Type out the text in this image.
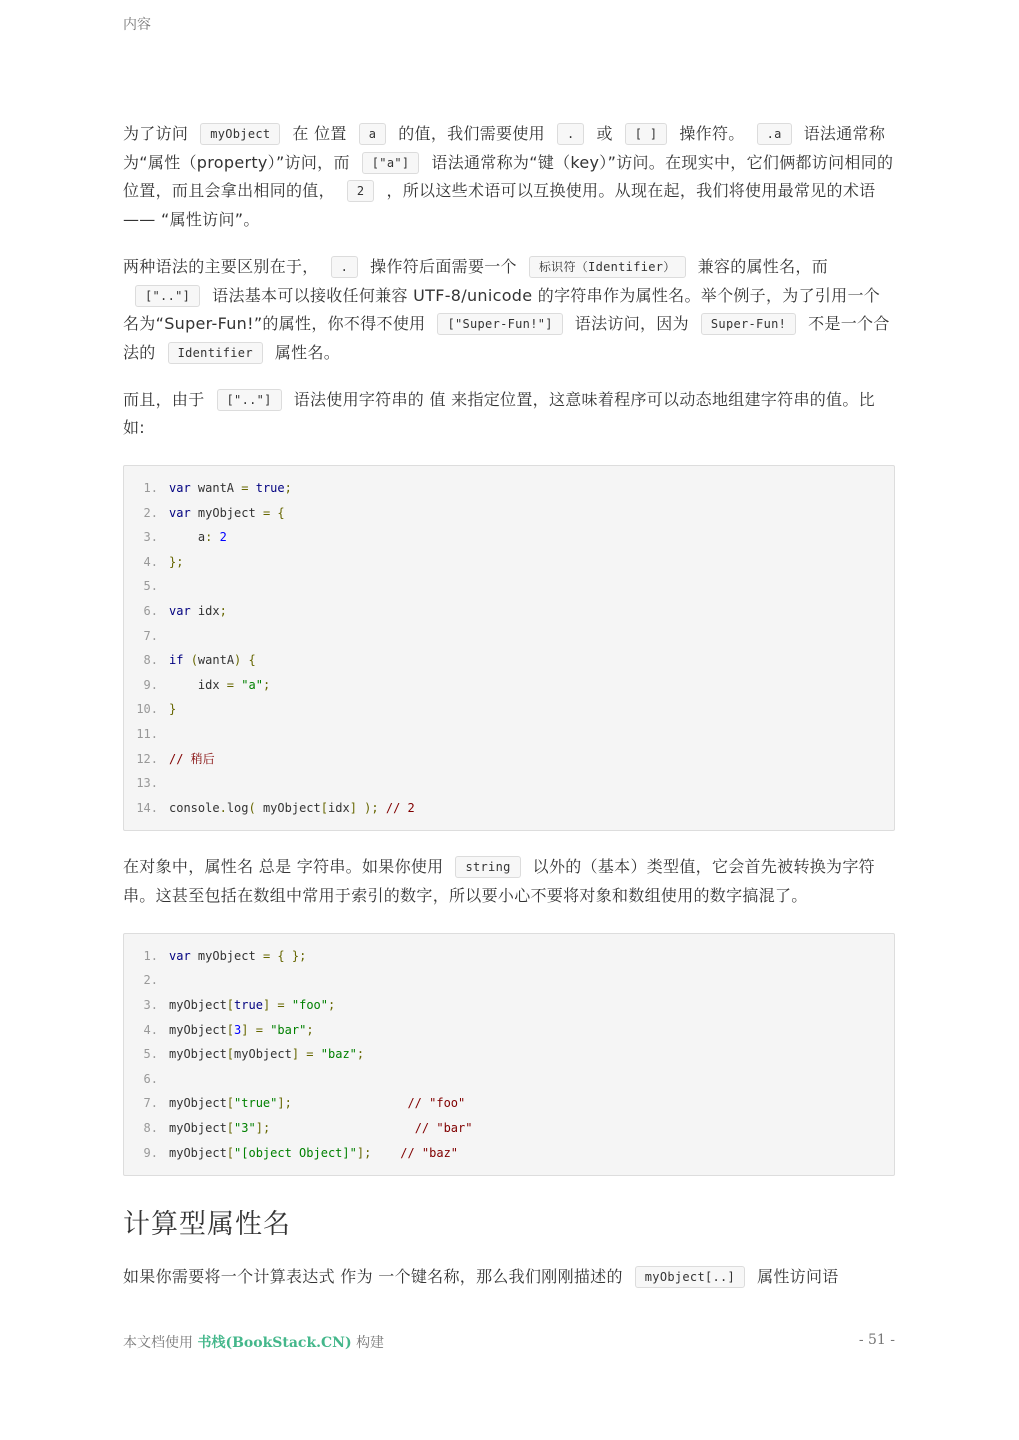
内容

为了访问 myObject 在 位置 a 的值，我们需要使用 . 或 [ ] 操作符。 .a 语法通常称为“属性（property）”访问，而 ["a"] 语法通常称为“键（key）”访问。在现实中，它们俩都访问相同的 位置，而且会拿出相同的值， 2 ，所以这些术语可以互换使用。从现在起，我们将使用最常见的术语 —— “属性访问”。

两种语法的主要区别在于， . 操作符后面需要一个 标识符（Identifier） 兼容的属性名，而[".."] 语法基本可以接收任何兼容 UTF-8/unicode 的字符串作为属性名。举个例子，为了引用一个名为“Super-Fun!”的属性，你不得不使用 ["Super-Fun!"] 语法访问，因为 Super-Fun! 不是一个合法的 Identifier 属性名。

而且，由于 [".."] 语法使用字符串的 值 来指定位置，这意味着程序可以动态地组建字符串的值。比如:

1. var wantA = true;
2. var myObject = {
3.    a: 2
4. };
5.
6. var idx;
7.
8. if (wantA) {
9.    idx = "a";
10. }
11.
12. // 稍后
13.
14. console.log( myObject[idx] ); // 2

在对象中，属性名 总是 字符串。如果你使用 string 以外的（基本）类型值，它会首先被转换为字符串。这甚至包括在数组中常用于索引的数字，所以要小心不要将对象和数组使用的数字搞混了。

1. var myObject = { };
2.
3. myObject[true] = "foo";
4. myObject[3] = "bar";
5. myObject[myObject] = "baz";
6.
7. myObject["true"];	// "foo"
8. myObject["3"];	// "bar"
9. myObject["[object Object]"]; // "baz"
计算型属性名

如果你需要将一个计算表达式 作为 一个键名称，那么我们刚刚描述的 myObject[..] 属性访问语

本文档使用 书栈(BookStack.CN) 构建	- 51 -
